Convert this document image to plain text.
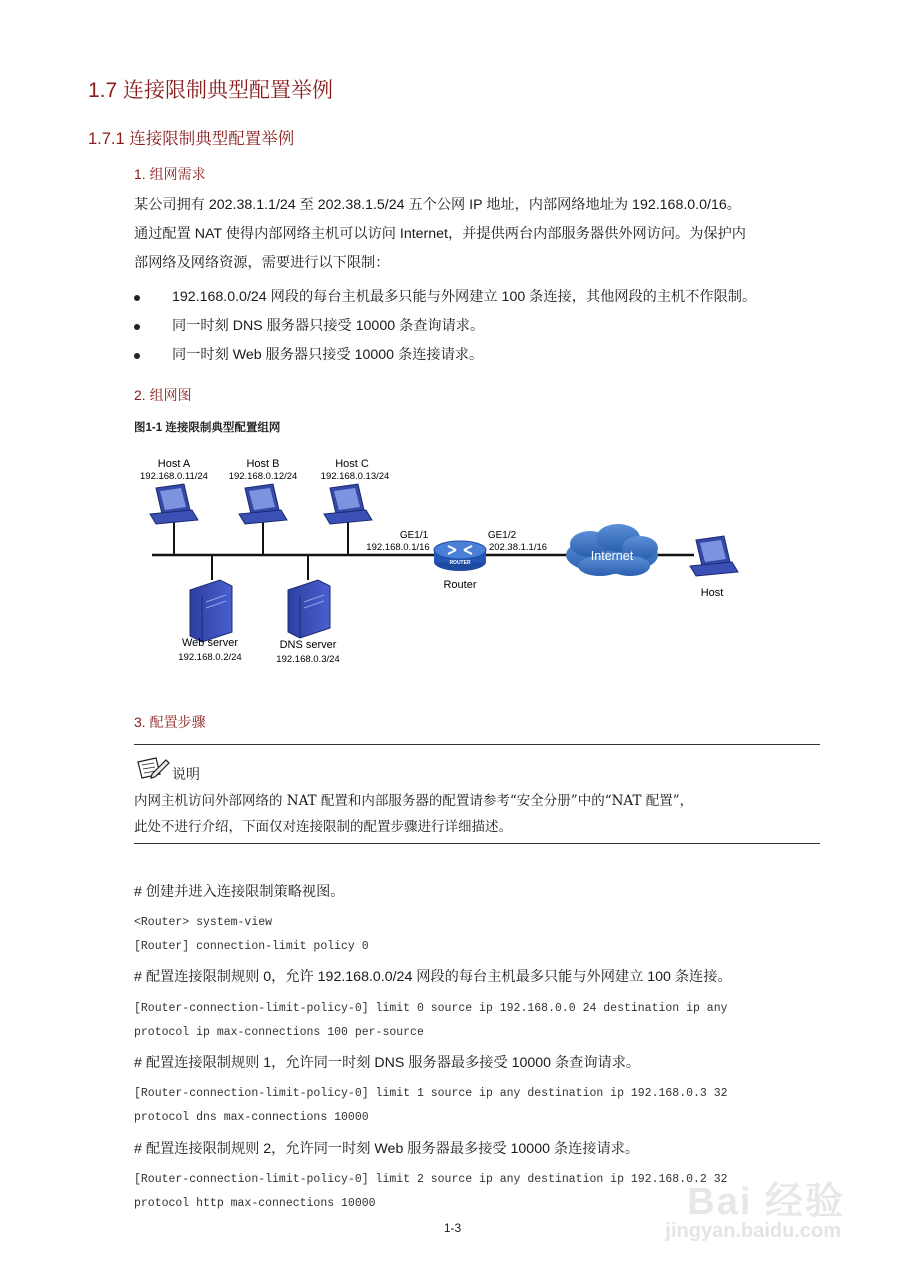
1.7 连接限制典型配置举例
1.7.1 连接限制典型配置举例
1. 组网需求

某公司拥有 202.38.1.1/24 至 202.38.1.5/24 五个公网 IP 地址，内部网络地址为 192.168.0.0/16。

通过配置 NAT 使得内部网络主机可以访问 Internet，并提供两台内部服务器供外网访问。为保护内

部网络及网络资源，需要进行以下限制：

192.168.0.0/24 网段的每台主机最多只能与外网建立 100 条连接，其他网段的主机不作限制。
同一时刻 DNS 服务器只接受 10000 条查询请求。
同一时刻 Web 服务器只接受 10000 条连接请求。
2. 组网图
图1-1 连接限制典型配置组网
Host A
192.168.0.11/24
Host B
192.168.0.12/24
Host C
192.168.0.13/24
Web server
192.168.0.2/24
DNS server
192.168.0.3/24
GE1/1
192.168.0.1/16
GE1/2
202.38.1.1/16
ROUTER
Router
Internet
Host
3. 配置步骤
说明

内网主机访问外部网络的 NAT 配置和内部服务器的配置请参考“安全分册”中的“NAT 配置”，

此处不进行介绍，下面仅对连接限制的配置步骤进行详细描述。

# 创建并进入连接限制策略视图。

<Router> system-view

[Router] connection-limit policy 0

# 配置连接限制规则 0，允许 192.168.0.0/24 网段的每台主机最多只能与外网建立 100 条连接。

[Router-connection-limit-policy-0] limit 0 source ip 192.168.0.0 24 destination ip any

protocol ip max-connections 100 per-source

# 配置连接限制规则 1，允许同一时刻 DNS 服务器最多接受 10000 条查询请求。

[Router-connection-limit-policy-0] limit 1 source ip any destination ip 192.168.0.3 32

protocol dns max-connections 10000

# 配置连接限制规则 2，允许同一时刻 Web 服务器最多接受 10000 条连接请求。

[Router-connection-limit-policy-0] limit 2 source ip any destination ip 192.168.0.2 32

protocol http max-connections 10000

1-3
Bai 经验
jingyan.baidu.com
